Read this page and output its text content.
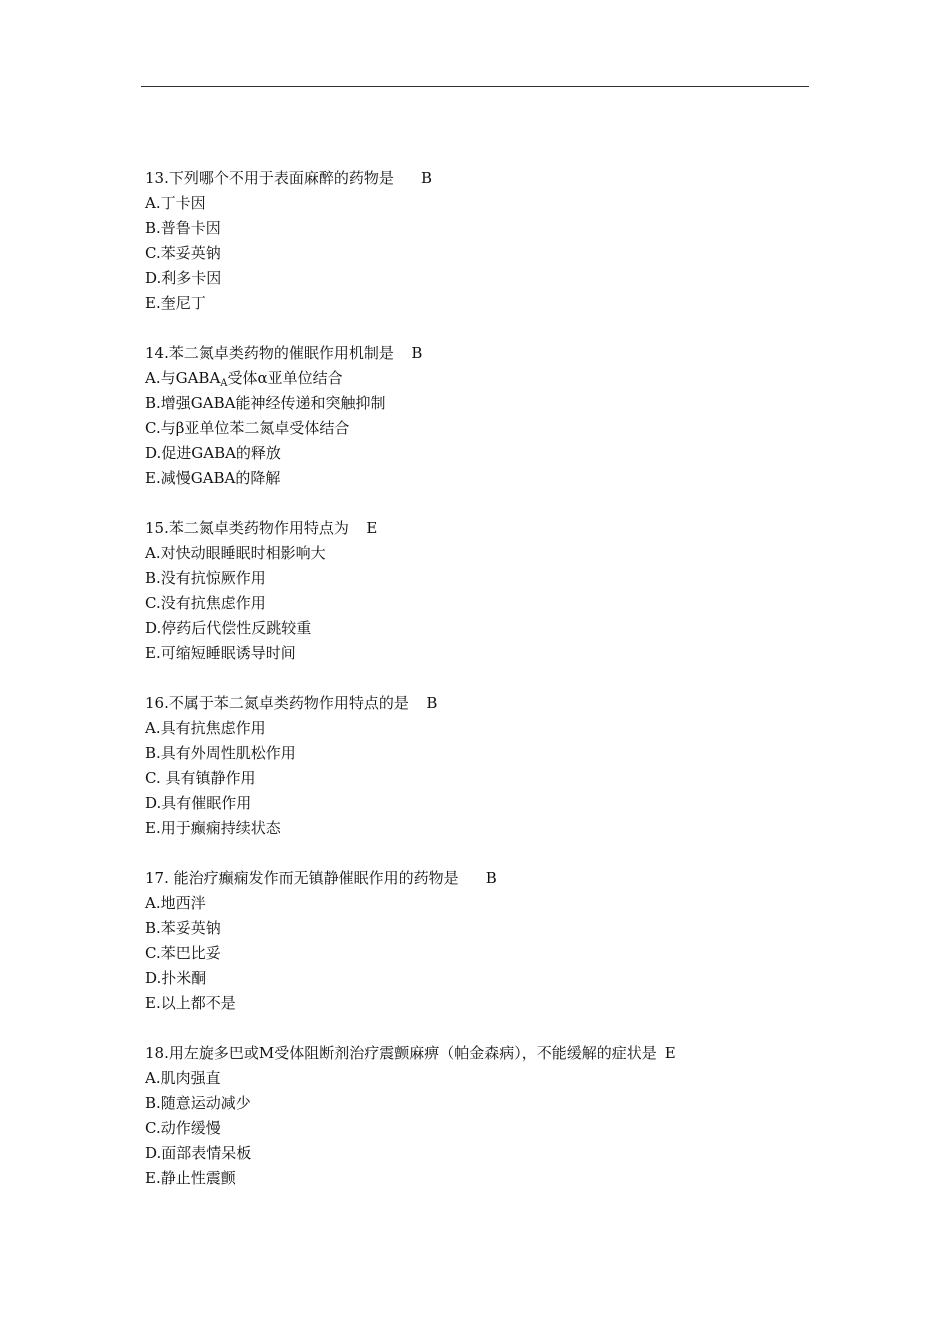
13.下列哪个不用于表面麻醉的药物是 B
A.丁卡因
B.普鲁卡因
C.苯妥英钠
D.利多卡因
E.奎尼丁
14.苯二氮卓类药物的催眠作用机制是 B
A.与$GABA_A$受体α亚单位结合
B.增强GABA能神经传递和突触抑制
C.与β亚单位苯二氮卓受体结合
D.促进GABA的释放
E.减慢GABA的降解
15.苯二氮卓类药物作用特点为 E
A.对快动眼睡眠时相影响大
B.没有抗惊厥作用
C.没有抗焦虑作用
D.停药后代偿性反跳较重
E.可缩短睡眠诱导时间
16.不属于苯二氮卓类药物作用特点的是 B
A.具有抗焦虑作用
B.具有外周性肌松作用
C. 具有镇静作用
D.具有催眠作用
E.用于癫痫持续状态
17. 能治疗癫痫发作而无镇静催眠作用的药物是 B
A.地西泮
B.苯妥英钠
C.苯巴比妥
D.扑米酮
E.以上都不是
18.用左旋多巴或M受体阻断剂治疗震颤麻痹（帕金森病），不能缓解的症状是 E
A.肌肉强直
B.随意运动减少
C.动作缓慢
D.面部表情呆板
E.静止性震颤
